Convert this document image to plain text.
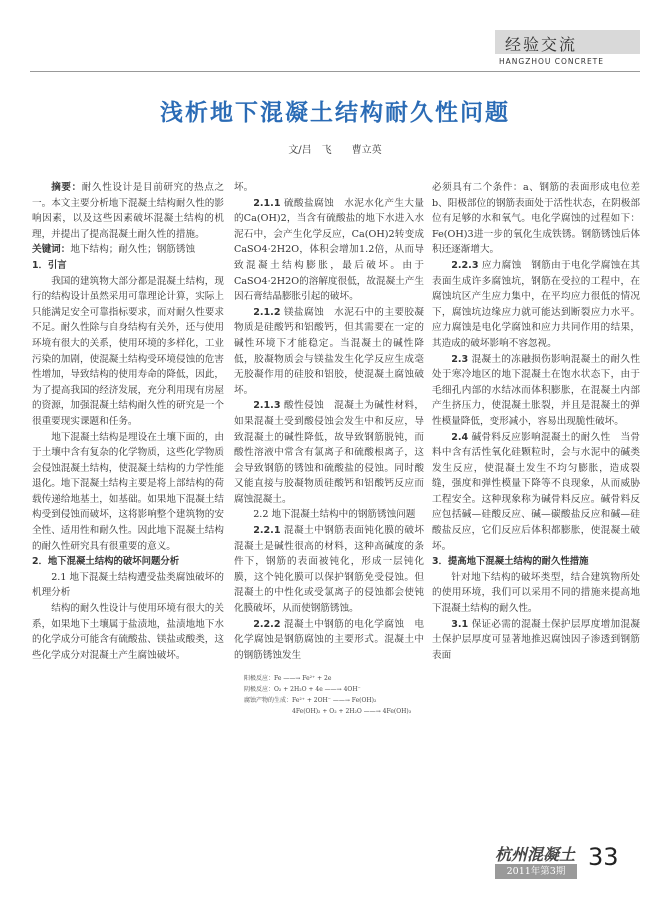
经验交流
HANGZHOU CONCRETE
浅析地下混凝土结构耐久性问题
文/吕　飞　　曹立英

摘要：耐久性设计是目前研究的热点之一。本文主要分析地下混凝土结构耐久性的影响因素，以及这些因素破坏混凝土结构的机理，并提出了提高混凝土耐久性的措施。

关键词：地下结构；耐久性；钢筋锈蚀

1．引言

我国的建筑物大部分都是混凝土结构，现行的结构设计虽然采用可靠理论计算，实际上只能满足安全可靠指标要求，而对耐久性要求不足。耐久性除与自身结构有关外，还与使用环境有很大的关系，使用环境的多样化，工业污染的加剧，使混凝土结构受环境侵蚀的危害性增加，导致结构的使用寿命的降低，因此，为了提高我国的经济发展，充分利用现有房屋的资源，加强混凝土结构耐久性的研究是一个很重要现实课题和任务。

地下混凝土结构是埋设在土壤下面的，由于土壤中含有复杂的化学物质，这些化学物质会侵蚀混凝土结构，使混凝土结构的力学性能退化。地下混凝土结构主要是将上部结构的荷载传递给地基土，如基础。如果地下混凝土结构受到侵蚀而破坏，这将影响整个建筑物的安全性、适用性和耐久性。因此地下混凝土结构的耐久性研究具有很重要的意义。

2．地下混凝土结构的破坏问题分析

2.1 地下混凝土结构遭受盐类腐蚀破坏的机理分析

结构的耐久性设计与使用环境有很大的关系，如果地下土壤属于盐渍地，盐渍地地下水的化学成分可能含有硫酸盐、镁盐或酸类，这些化学成分对混凝土产生腐蚀破坏。

坏。

2.1.1 硫酸盐腐蚀　水泥水化产生大量的Ca(OH)2，当含有硫酸盐的地下水进入水泥石中，会产生化学反应，Ca(OH)2转变成CaSO4·2H2O，体积会增加1.2倍，从而导致混凝土结构膨胀，最后破坏。由于CaSO4·2H2O的溶解度很低，故混凝土产生因石膏结晶膨胀引起的破坏。

2.1.2 镁盐腐蚀　水泥石中的主要胶凝物质是硅酸钙和铝酸钙，但其需要在一定的碱性环境下才能稳定。当混凝土的碱性降低，胶凝物质会与镁盐发生化学反应生成毫无胶凝作用的硅胶和铝胶，使混凝土腐蚀破坏。

2.1.3 酸性侵蚀　混凝土为碱性材料，如果混凝土受到酸侵蚀会发生中和反应，导致混凝土的碱性降低，故导致钢筋脱钝，而酸性溶液中常含有氯离子和硫酸根离子，这会导致钢筋的锈蚀和硫酸盐的侵蚀。同时酸又能直接与胶凝物质硅酸钙和铝酸钙反应而腐蚀混凝土。

2.2 地下混凝土结构中的钢筋锈蚀问题

2.2.1 混凝土中钢筋表面钝化膜的破坏　混凝土是碱性很高的材料，这种高碱度的条件下，钢筋的表面被钝化，形成一层钝化膜，这个钝化膜可以保护钢筋免受侵蚀。但混凝土的中性化或受氯离子的侵蚀都会使钝化膜破坏，从而使钢筋锈蚀。

2.2.2 混凝土中钢筋的电化学腐蚀　电化学腐蚀是钢筋腐蚀的主要形式。混凝土中的钢筋锈蚀发生

阳极反应：Fe ——→ Fe²⁺ + 2e
阴极反应：O₂ + 2H₂O + 4e ——→ 4OH⁻
腐蚀产物的生成：Fe²⁺ + 2OH⁻ ——→ Fe(OH)₂
4Fe(OH)₂ + O₂ + 2H₂O ——→ 4Fe(OH)₃

必须具有二个条件：a、钢筋的表面形成电位差b、阳极部位的钢筋表面处于活性状态，在阴极部位有足够的水和氧气。电化学腐蚀的过程如下：Fe(OH)3进一步的氧化生成铁锈。钢筋锈蚀后体积还逐渐增大。

2.2.3 应力腐蚀　钢筋由于电化学腐蚀在其表面生成许多腐蚀坑，钢筋在受拉的工程中，在腐蚀坑区产生应力集中，在平均应力很低的情况下，腐蚀坑边缘应力就可能达到断裂应力水平。应力腐蚀是电化学腐蚀和应力共同作用的结果，其造成的破坏影响不容忽视。

2.3 混凝土的冻融损伤影响混凝土的耐久性　处于寒冷地区的地下混凝土在饱水状态下，由于毛细孔内部的水结冰而体积膨胀，在混凝土内部产生挤压力，使混凝土胀裂，并且是混凝土的弹性模量降低，变形减小，容易出现脆性破坏。

2.4 碱骨料反应影响混凝土的耐久性　当骨料中含有活性氧化硅颗粒时，会与水泥中的碱类发生反应，使混凝土发生不均匀膨胀，造成裂缝，强度和弹性模量下降等不良现象，从而威胁工程安全。这种现象称为碱骨料反应。碱骨料反应包括碱—硅酸反应、碱—碳酸盐反应和碱—硅酸盐反应，它们反应后体积都膨胀，使混凝土破坏。

3．提高地下混凝土结构的耐久性措施

针对地下结构的破坏类型，结合建筑物所处的使用环境，我们可以采用不同的措施来提高地下混凝土结构的耐久性。

3.1 保证必需的混凝土保护层厚度增加混凝土保护层厚度可显著地推迟腐蚀因子渗透到钢筋表面

杭州混凝土
2011年第3期
33
